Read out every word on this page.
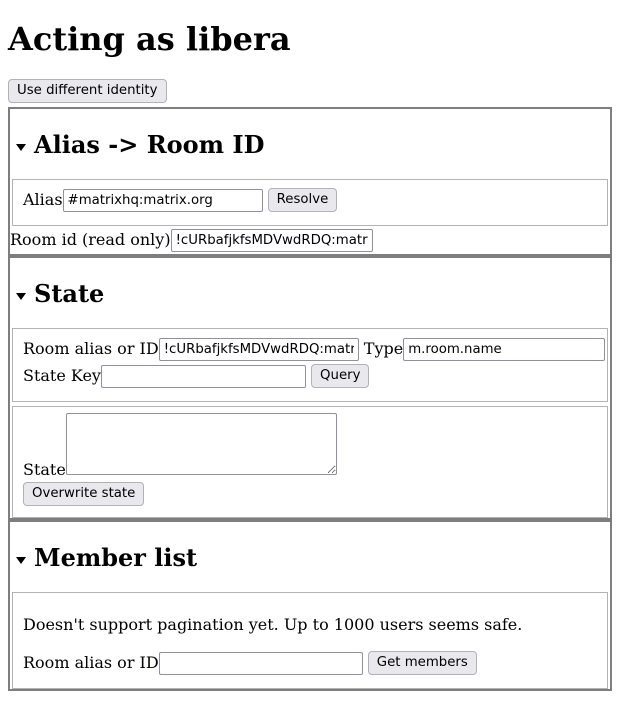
Acting as libera
Use different identity
Alias -> Room ID
Alias#matrixhq:matrix.org	Resolve
Room id (read only)!cURbafjkfsMDVwdRDQ:matrix.
State
Room alias or ID!cURbafjkfsMDVwdRDQ:matrix.	Typem.room.name
State Key	Query
State
Overwrite state
Member list

Doesn't support pagination yet. Up to 1000 users seems safe.

Room alias or ID	Get members
